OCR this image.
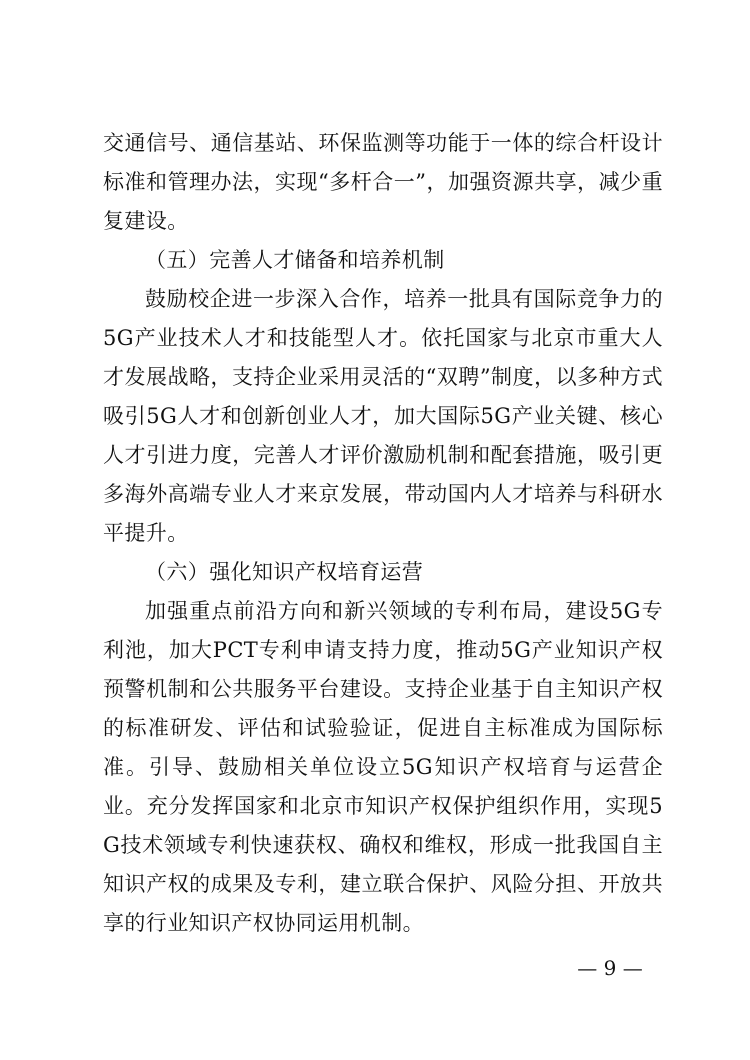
交通信号、通信基站、环保监测等功能于一体的综合杆设计标准和管理办法，实现“多杆合一”，加强资源共享，减少重复建设。

（五）完善人才储备和培养机制

鼓励校企进一步深入合作，培养一批具有国际竞争力的5G产业技术人才和技能型人才。依托国家与北京市重大人才发展战略，支持企业采用灵活的“双聘”制度，以多种方式吸引5G人才和创新创业人才，加大国际5G产业关键、核心人才引进力度，完善人才评价激励机制和配套措施，吸引更多海外高端专业人才来京发展，带动国内人才培养与科研水平提升。

（六）强化知识产权培育运营

加强重点前沿方向和新兴领域的专利布局，建设5G专利池，加大PCT专利申请支持力度，推动5G产业知识产权预警机制和公共服务平台建设。支持企业基于自主知识产权的标准研发、评估和试验验证，促进自主标准成为国际标准。引导、鼓励相关单位设立5G知识产权培育与运营企业。充分发挥国家和北京市知识产权保护组织作用，实现5G技术领域专利快速获权、确权和维权，形成一批我国自主知识产权的成果及专利，建立联合保护、风险分担、开放共享的行业知识产权协同运用机制。

— 9 —
